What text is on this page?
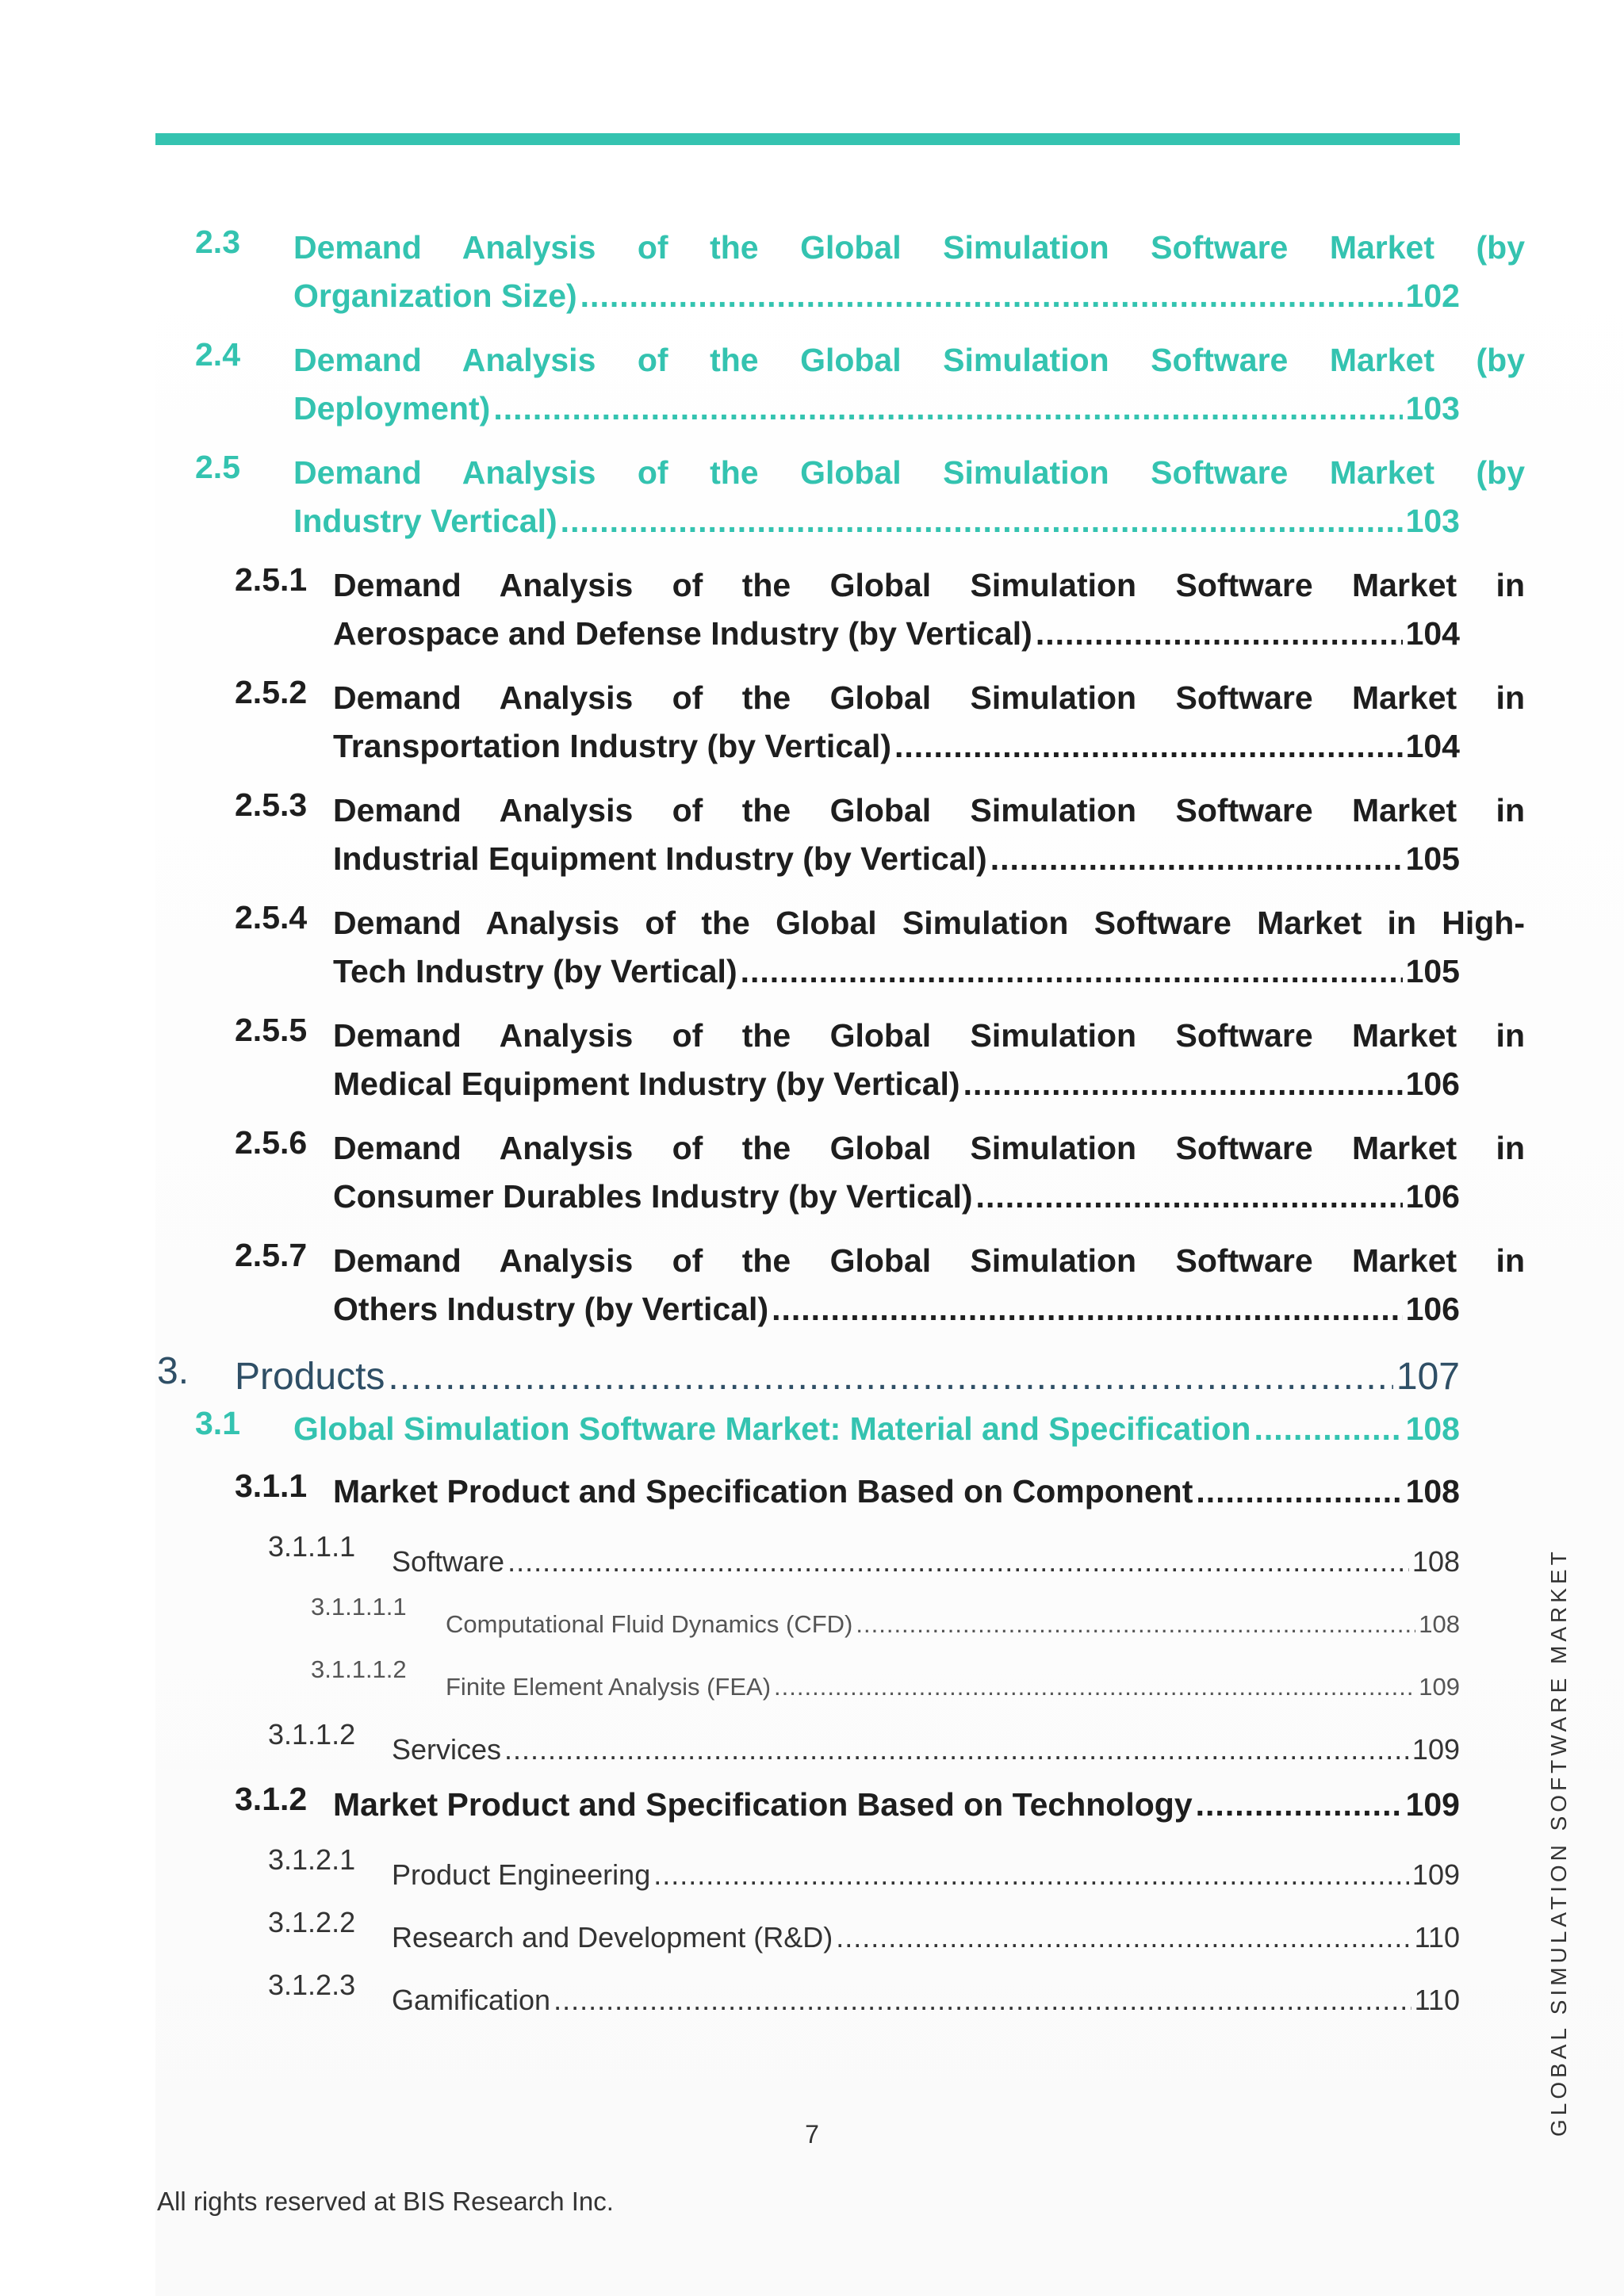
2.3 Demand Analysis of the Global Simulation Software Market (by
Organization Size) .....	102
2.4 Demand Analysis of the Global Simulation Software Market (by
Deployment) .....	103
2.5 Demand Analysis of the Global Simulation Software Market (by
Industry Vertical) .....	103
2.5.1 Demand Analysis of the Global Simulation Software Market in
Aerospace and Defense Industry (by Vertical) .....	104
2.5.2 Demand Analysis of the Global Simulation Software Market in
Transportation Industry (by Vertical) .....	104
2.5.3 Demand Analysis of the Global Simulation Software Market in
Industrial Equipment Industry (by Vertical) .....	105
2.5.4 Demand Analysis of the Global Simulation Software Market in High-
Tech Industry (by Vertical) .....	105
2.5.5 Demand Analysis of the Global Simulation Software Market in
Medical Equipment Industry (by Vertical) .....	106
2.5.6 Demand Analysis of the Global Simulation Software Market in
Consumer Durables Industry (by Vertical) .....	106
2.5.7 Demand Analysis of the Global Simulation Software Market in
Others Industry (by Vertical) .....	106
3. Products .....	107
3.1 Global Simulation Software Market: Material and Specification .....	108
3.1.1 Market Product and Specification Based on Component .....	108
3.1.1.1 Software .....	108
3.1.1.1.1
Computational Fluid Dynamics (CFD) .....	108
3.1.1.1.2
Finite Element Analysis (FEA) .....	109
3.1.1.2 Services .....	109
3.1.2 Market Product and Specification Based on Technology .....	109
3.1.2.1 Product Engineering .....	109
3.1.2.2 Research and Development (R&D) .....	110
3.1.2.3 Gamification .....	110
7
All rights reserved at BIS Research Inc.
GLOBAL SIMULATION SOFTWARE MARKET
